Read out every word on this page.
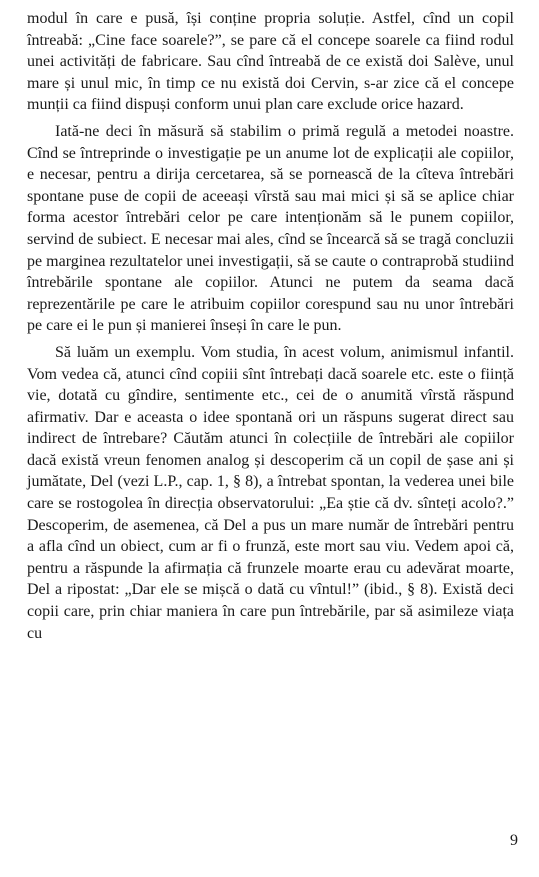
modul în care e pusă, își conține propria soluție. Astfel, cînd un copil întreabă: „Cine face soarele?”, se pare că el concepe soarele ca fiind rodul unei activități de fabricare. Sau cînd întreabă de ce există doi Salève, unul mare și unul mic, în timp ce nu există doi Cervin, s-ar zice că el concepe munții ca fiind dispuși conform unui plan care exclude orice hazard.

Iată-ne deci în măsură să stabilim o primă regulă a metodei noastre. Cînd se întreprinde o investigație pe un anume lot de explicații ale copiilor, e necesar, pentru a dirija cercetarea, să se pornească de la cîteva întrebări spontane puse de copii de aceeași vîrstă sau mai mici și să se aplice chiar forma acestor întrebări celor pe care intenționăm să le punem copiilor, servind de subiect. E necesar mai ales, cînd se încearcă să se tragă concluzii pe marginea rezultatelor unei investigații, să se caute o contraprobă studiind întrebările spontane ale copiilor. Atunci ne putem da seama dacă reprezentările pe care le atribuim copiilor corespund sau nu unor întrebări pe care ei le pun și manierei înseși în care le pun.

Să luăm un exemplu. Vom studia, în acest volum, animismul infantil. Vom vedea că, atunci cînd copiii sînt întrebați dacă soarele etc. este o ființă vie, dotată cu gîndire, sentimente etc., cei de o anumită vîrstă răspund afirmativ. Dar e aceasta o idee spontană ori un răspuns sugerat direct sau indirect de întrebare? Căutăm atunci în colecțiile de întrebări ale copiilor dacă există vreun fenomen analog și descoperim că un copil de șase ani și jumătate, Del (vezi L.P., cap. 1, § 8), a întrebat spontan, la vederea unei bile care se rostogolea în direcția observatorului: „Ea știe că dv. sînteți acolo?.” Descoperim, de asemenea, că Del a pus un mare număr de întrebări pentru a afla cînd un obiect, cum ar fi o frunză, este mort sau viu. Vedem apoi că, pentru a răspunde la afirmația că frunzele moarte erau cu adevărat moarte, Del a ripostat: „Dar ele se mișcă o dată cu vîntul!” (ibid., § 8). Există deci copii care, prin chiar maniera în care pun întrebările, par să asimileze viața cu

9
